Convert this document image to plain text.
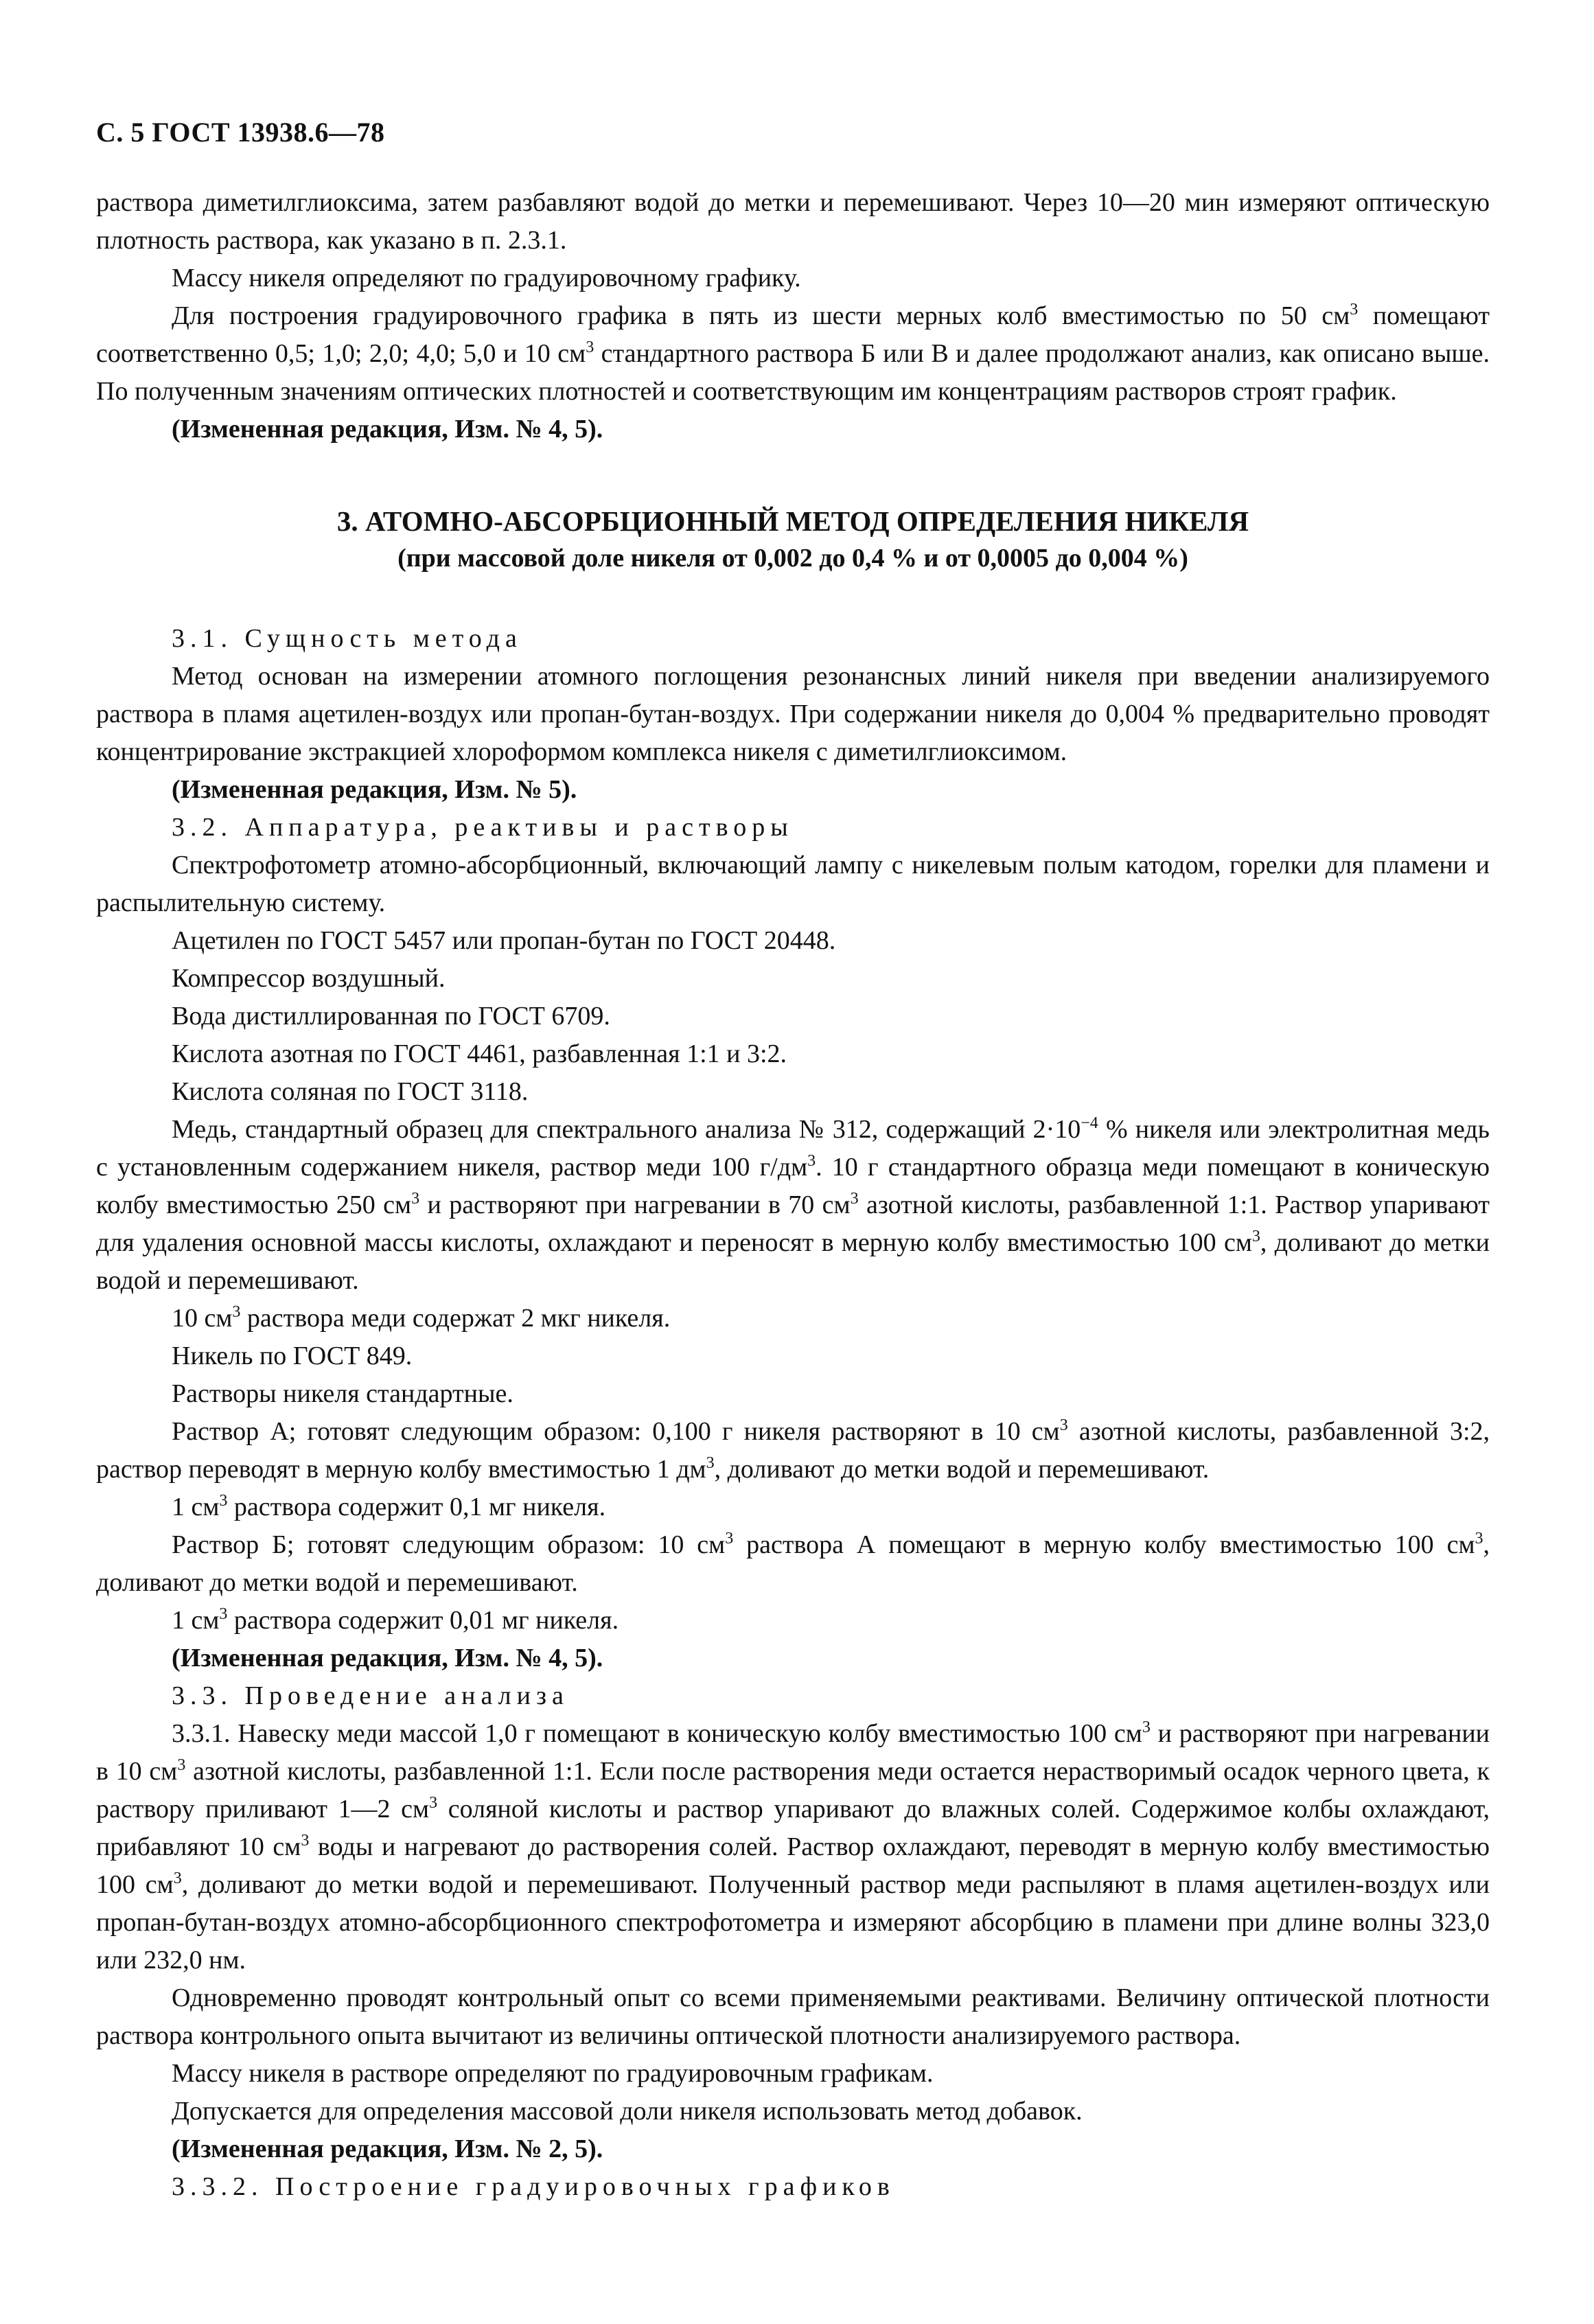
С. 5 ГОСТ 13938.6—78

раствора диметилглиоксима, затем разбавляют водой до метки и перемешивают. Через 10—20 мин измеряют оптическую плотность раствора, как указано в п. 2.3.1.

Массу никеля определяют по градуировочному графику.

Для построения градуировочного графика в пять из шести мерных колб вместимостью по 50 $см^3$ помещают соответственно 0,5; 1,0; 2,0; 4,0; 5,0 и 10 $см^3$ стандартного раствора Б или В и далее продолжают анализ, как описано выше. По полученным значениям оптических плотностей и соответствующим им концентрациям растворов строят график.

(Измененная редакция, Изм. № 4, 5).

3. АТОМНО-АБСОРБЦИОННЫЙ МЕТОД ОПРЕДЕЛЕНИЯ НИКЕЛЯ
(при массовой доле никеля от 0,002 до 0,4 % и от 0,0005 до 0,004 %)

3.1. Сущность метода

Метод основан на измерении атомного поглощения резонансных линий никеля при введении анализируемого раствора в пламя ацетилен-воздух или пропан-бутан-воздух. При содержании никеля до 0,004 % предварительно проводят концентрирование экстракцией хлороформом комплекса никеля с диметилглиоксимом.

(Измененная редакция, Изм. № 5).

3.2. Аппаратура, реактивы и растворы

Спектрофотометр атомно-абсорбционный, включающий лампу с никелевым полым катодом, горелки для пламени и распылительную систему.

Ацетилен по ГОСТ 5457 или пропан-бутан по ГОСТ 20448.

Компрессор воздушный.

Вода дистиллированная по ГОСТ 6709.

Кислота азотная по ГОСТ 4461, разбавленная 1:1 и 3:2.

Кислота соляная по ГОСТ 3118.

Медь, стандартный образец для спектрального анализа № 312, содержащий $2\cdot 10^{-4}$ % никеля или электролитная медь с установленным содержанием никеля, раствор меди 100 $г/дм^3$. 10 г стандартного образца меди помещают в коническую колбу вместимостью 250 $см^3$ и растворяют при нагревании в 70 $см^3$ азотной кислоты, разбавленной 1:1. Раствор упаривают для удаления основной массы кислоты, охлаждают и переносят в мерную колбу вместимостью 100 $см^3$, доливают до метки водой и перемешивают.

10 $см^3$ раствора меди содержат 2 мкг никеля.

Никель по ГОСТ 849.

Растворы никеля стандартные.

Раствор А; готовят следующим образом: 0,100 г никеля растворяют в 10 $см^3$ азотной кислоты, разбавленной 3:2, раствор переводят в мерную колбу вместимостью 1 $дм^3$, доливают до метки водой и перемешивают.

1 $см^3$ раствора содержит 0,1 мг никеля.

Раствор Б; готовят следующим образом: 10 $см^3$ раствора А помещают в мерную колбу вместимостью 100 $см^3$, доливают до метки водой и перемешивают.

1 $см^3$ раствора содержит 0,01 мг никеля.

(Измененная редакция, Изм. № 4, 5).

3.3. Проведение анализа

3.3.1. Навеску меди массой 1,0 г помещают в коническую колбу вместимостью 100 $см^3$ и растворяют при нагревании в 10 $см^3$ азотной кислоты, разбавленной 1:1. Если после растворения меди остается нерастворимый осадок черного цвета, к раствору приливают 1—2 $см^3$ соляной кислоты и раствор упаривают до влажных солей. Содержимое колбы охлаждают, прибавляют 10 $см^3$ воды и нагревают до растворения солей. Раствор охлаждают, переводят в мерную колбу вместимостью 100 $см^3$, доливают до метки водой и перемешивают. Полученный раствор меди распыляют в пламя ацетилен-воздух или пропан-бутан-воздух атомно-абсорбционного спектрофотометра и измеряют абсорбцию в пламени при длине волны 323,0 или 232,0 нм.

Одновременно проводят контрольный опыт со всеми применяемыми реактивами. Величину оптической плотности раствора контрольного опыта вычитают из величины оптической плотности анализируемого раствора.

Массу никеля в растворе определяют по градуировочным графикам.

Допускается для определения массовой доли никеля использовать метод добавок.

(Измененная редакция, Изм. № 2, 5).

3.3.2. Построение градуировочных графиков
